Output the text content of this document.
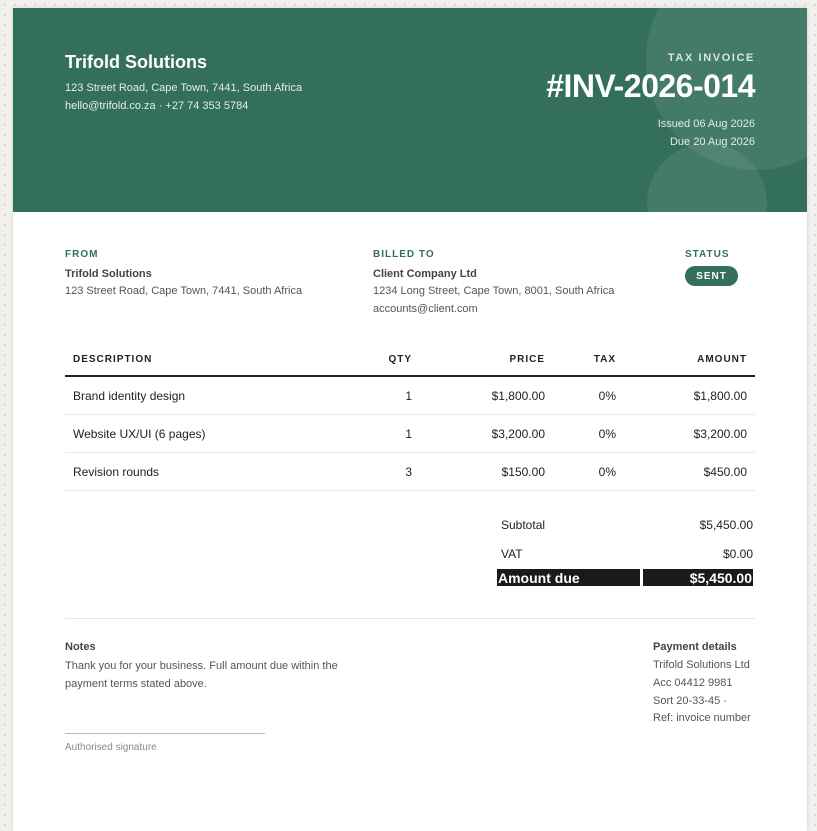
Trifold Solutions
123 Street Road, Cape Town, 7441, South Africa
hello@trifold.co.za · +27 74 353 5784
TAX INVOICE
#INV-2026-014
Issued 06 Aug 2026
Due 20 Aug 2026
FROM
Trifold Solutions
123 Street Road, Cape Town, 7441, South Africa
BILLED TO
Client Company Ltd
1234 Long Street, Cape Town, 8001, South Africa
accounts@client.com
STATUS
SENT
DESCRIPTION	QTY	PRICE	TAX	AMOUNT
Brand identity design	1	$1,800.00	0%	$1,800.00
Website UX/UI (6 pages)	1	$3,200.00	0%	$3,200.00
Revision rounds	3	$150.00	0%	$450.00
Subtotal	$5,450.00
VAT	$0.00
Amount due	$5,450.00
Notes
Thank you for your business. Full amount due within the payment terms stated above.
Payment details
Trifold Solutions Ltd
Acc 04412 9981
Sort 20-33-45 ·
Ref: invoice number
Authorised signature
